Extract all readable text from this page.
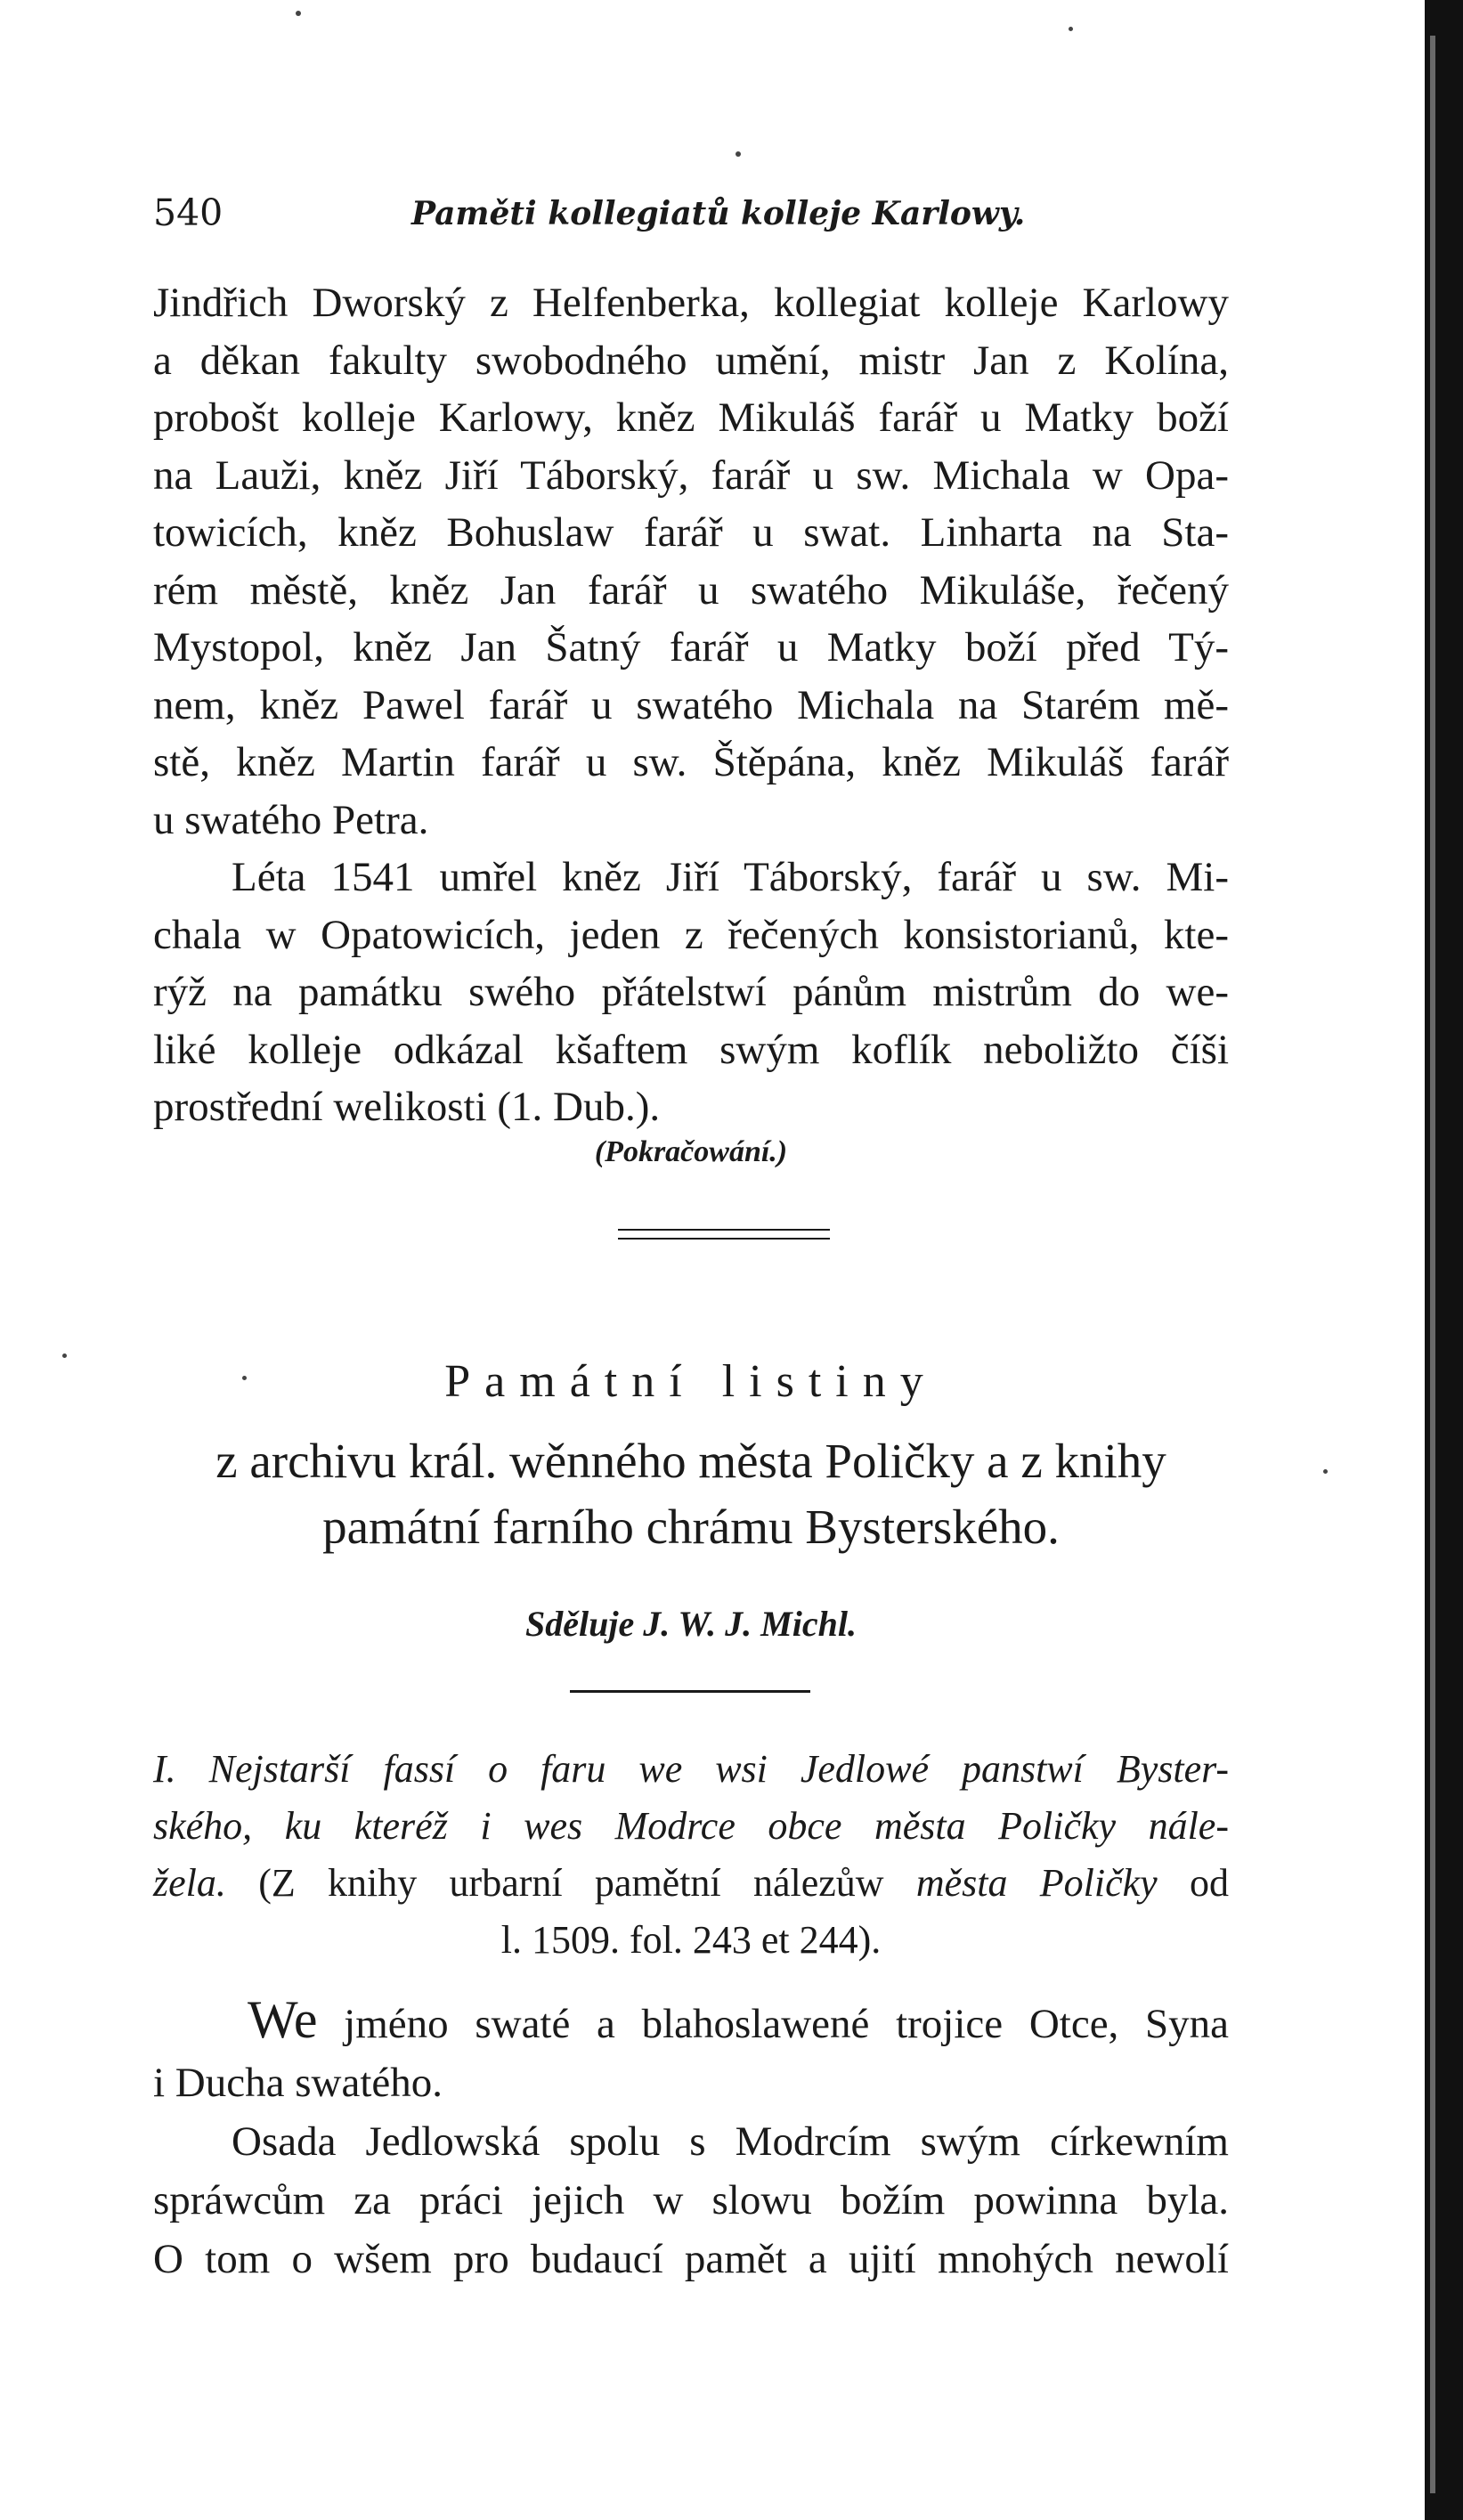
540	Paměti kollegiatů kolleje Karlowy.

Jindřich Dworský z Helfenberka, kollegiat kolleje Karlowy
a děkan fakulty swobodného umění, mistr Jan z Kolína,
probošt kolleje Karlowy, kněz Mikuláš farář u Matky boží
na Lauži, kněz Jiří Táborský, farář u sw. Michala w Opa-
towicích, kněz Bohuslaw farář u swat. Linharta na Sta-
rém městě, kněz Jan farář u swatého Mikuláše, řečený
Mystopol, kněz Jan Šatný farář u Matky boží před Tý-
nem, kněz Pawel farář u swatého Michala na Starém mě-
stě, kněz Martin farář u sw. Štěpána, kněz Mikuláš farář
u swatého Petra.

Léta 1541 umřel kněz Jiří Táborský, farář u sw. Mi-
chala w Opatowicích, jeden z řečených konsistorianů, kte-
rýž na památku swého přátelstwí pánům mistrům do we-
liké kolleje odkázal kšaftem swým koflík neboližto číši
prostřední welikosti (1. Dub.).

(Pokračowání.)
Památní listiny
z archivu král. wěnného města Poličky a z knihy
památní farního chrámu Bysterského.
Sděluje J. W. J. Michl.
I. Nejstarší fassí o faru we wsi Jedlowé panstwí Byster-
ského, ku kteréž i wes Modrce obce města Poličky nále-
žela. (Z knihy urbarní pamětní nálezůw města Poličky od
l. 1509. fol. 243 et 244).

We jméno swaté a blahoslawené trojice Otce, Syna
i Ducha swatého.
Osada Jedlowská spolu s Modrcím swým církewním
spráwcům za práci jejich w slowu božím powinna byla.
O tom o wšem pro budaucí pamět a ujití mnohých newolí
